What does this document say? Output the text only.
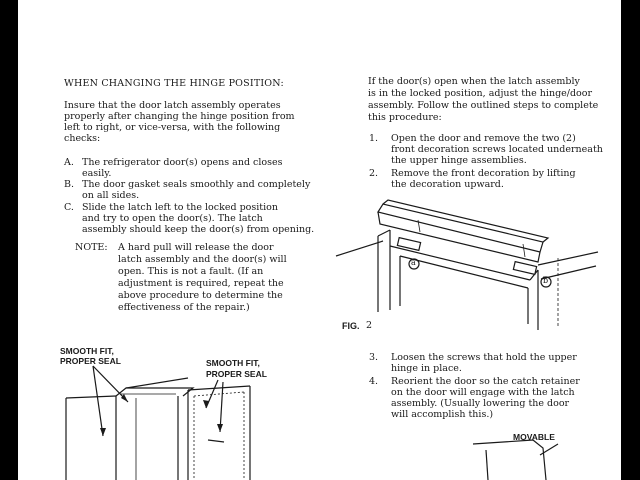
WHEN CHANGING THE HINGE POSITION:

Insure that the door latch assembly operates

properly after changing the hinge position from

left to right, or vice-versa, with the following

checks:

A. The refrigerator door(s) opens and closes

easily.

B. The door gasket seals smoothly and completely

on all sides.

C. Slide the latch left to the locked position

and try to open the door(s). The latch

assembly should keep the door(s) from opening.

NOTE: A hard pull will release the door

latch assembly and the door(s) will

open. This is not a fault. (If an

adjustment is required, repeat the

above procedure to determine the

effectiveness of the repair.)

SMOOTH FIT,

PROPER SEAL	SMOOTH FIT,

PROPER SEAL

If the door(s) open when the latch assembly

is in the locked position, adjust the hinge/door

assembly. Follow the outlined steps to complete

this procedure:

1. Open the door and remove the two (2)

front decoration screws located underneath

the upper hinge assemblies.

2. Remove the front decoration by lifting

the decoration upward.

FIG. 2

3. Loosen the screws that hold the upper

hinge in place.

4. Reorient the door so the catch retainer

on the door will engage with the latch

assembly. (Usually lowering the door

will accomplish this.)

MOVABLE

a

b
